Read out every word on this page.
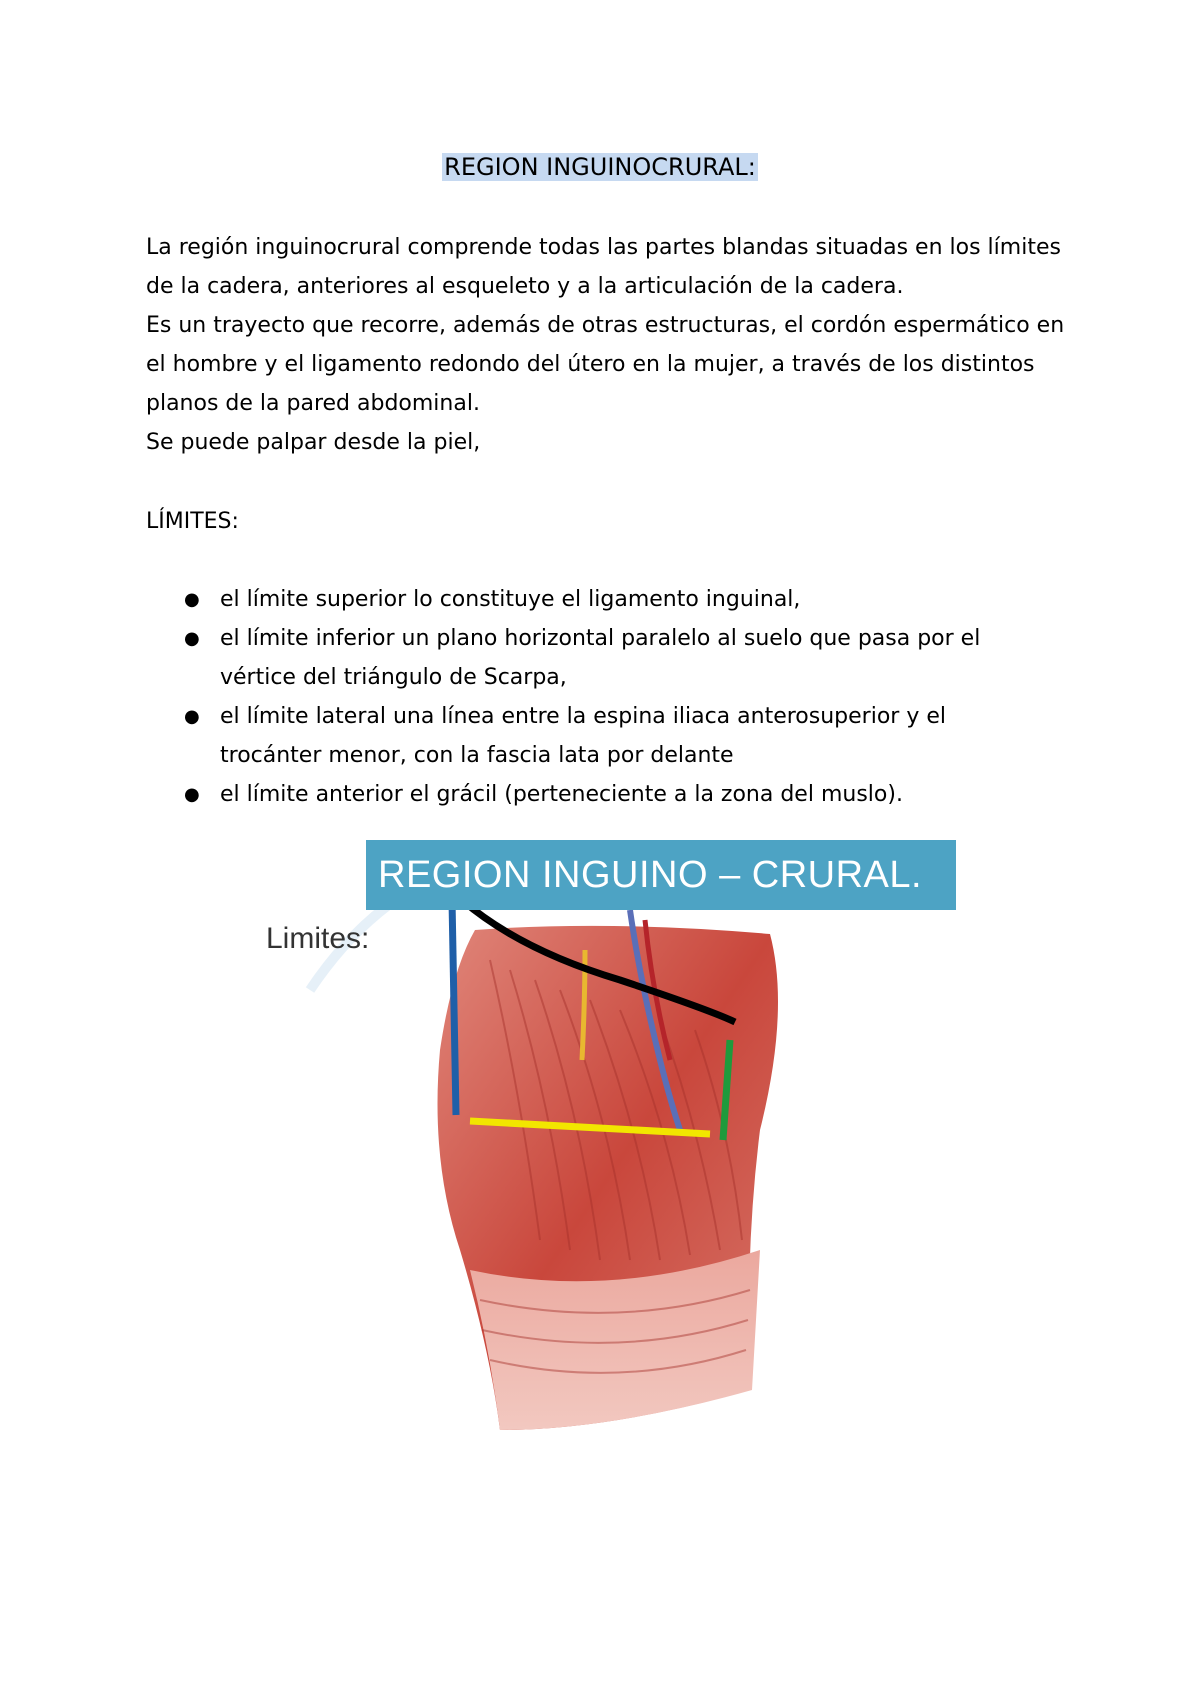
REGION INGUINOCRURAL:

La región inguinocrural comprende todas las partes blandas situadas en los límites de la cadera, anteriores al esqueleto y a la articulación de la cadera.

Es un trayecto que recorre, además de otras estructuras, el cordón espermático en el hombre y el ligamento redondo del útero en la mujer, a través de los distintos planos de la pared abdominal.

Se puede palpar desde la piel,

LÍMITES:
● el límite superior lo constituye el ligamento inguinal,
● el límite inferior un plano horizontal paralelo al suelo que pasa por el vértice del triángulo de Scarpa,
● el límite lateral una línea entre la espina iliaca anterosuperior y el trocánter menor, con la fascia lata por delante
● el límite anterior el grácil (perteneciente a la zona del muslo).
REGION INGUINO – CRURAL.
Limites:
